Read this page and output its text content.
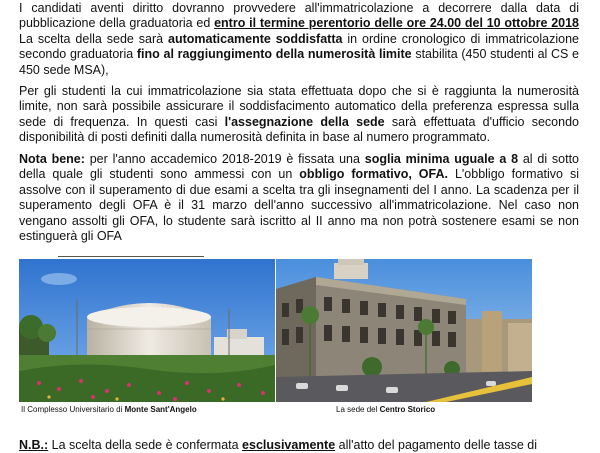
I candidati aventi diritto dovranno provvedere all'immatricolazione a decorrere dalla data di pubblicazione della graduatoria ed entro il termine perentorio delle ore 24.00 del 10 ottobre 2018 La scelta della sede sarà automaticamente soddisfatta in ordine cronologico di immatricolazione secondo graduatoria fino al raggiungimento della numerosità limite stabilita (450 studenti al CS e 450 sede MSA),

Per gli studenti la cui immatricolazione sia stata effettuata dopo che si è raggiunta la numerosità limite, non sarà possibile assicurare il soddisfacimento automatico della preferenza espressa sulla sede di frequenza. In questi casi l'assegnazione della sede sarà effettuata d'ufficio secondo disponibilità di posti definiti dalla numerosità definita in base al numero programmato.

Nota bene: per l'anno accademico 2018-2019 è fissata una soglia minima uguale a 8 al di sotto della quale gli studenti sono ammessi con un obbligo formativo, OFA. L'obbligo formativo si assolve con il superamento di due esami a scelta tra gli insegnamenti del I anno. La scadenza per il superamento degli OFA è il 31 marzo dell'anno successivo all'immatricolazione. Nel caso non vengano assolti gli OFA, lo studente sarà iscritto al II anno ma non potrà sostenere esami se non estinguerà gli OFA

Il Complesso Universitario di Monte Sant'Angelo	La sede del Centro Storico
N.B.: La scelta della sede è confermata esclusivamente all'atto del pagamento delle tasse di
